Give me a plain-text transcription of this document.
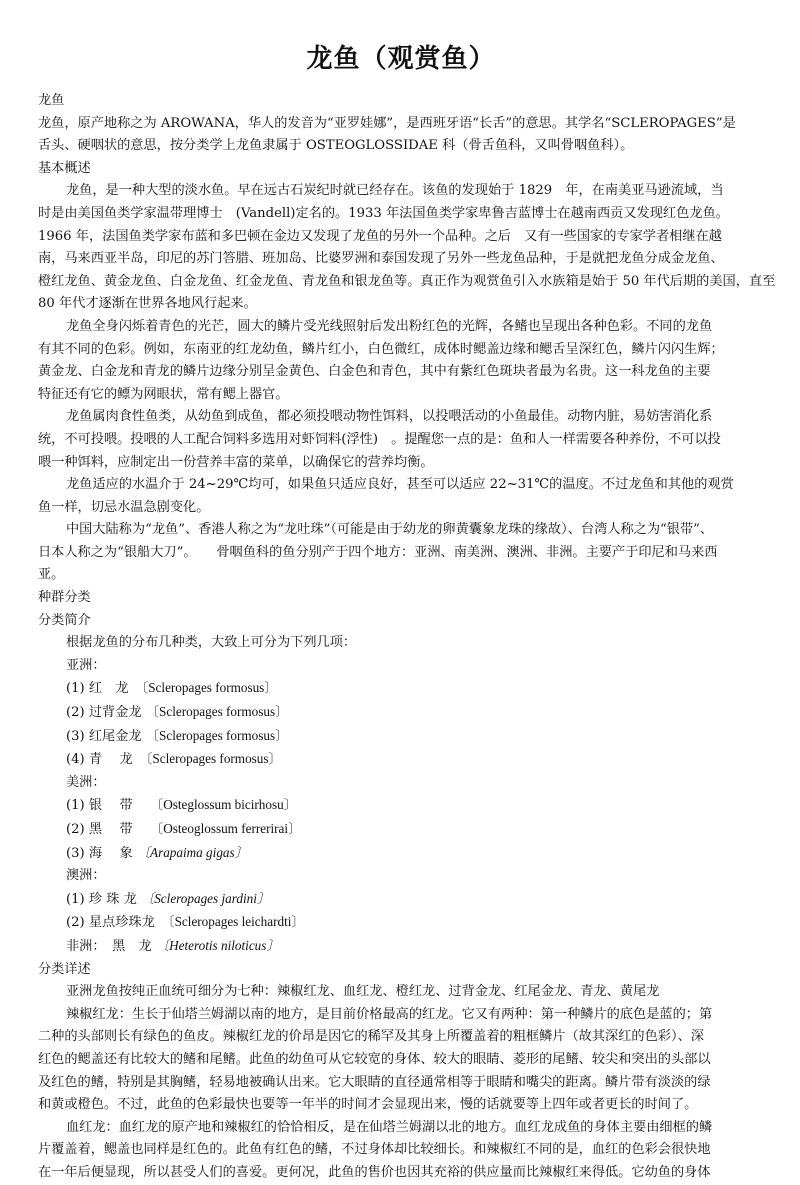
龙鱼（观赏鱼）

龙鱼

龙鱼，原产地称之为 AROWANA，华人的发音为“亚罗娃娜”，是西班牙语“长舌”的意思。其学名“SCLEROPAGES”是

舌头、硬咽状的意思，按分类学上龙鱼隶属于 OSTEOGLOSSIDAE 科（骨舌鱼科，又叫骨咽鱼科）。

基本概述

龙鱼，是一种大型的淡水鱼。早在远古石炭纪时就已经存在。该鱼的发现始于 1829　年，在南美亚马逊流域，当

时是由美国鱼类学家温带理博士　(Vandell)定名的。1933 年法国鱼类学家卑鲁吉蓝博士在越南西贡又发现红色龙鱼。

1966 年，法国鱼类学家布蓝和多巴顿在金边又发现了龙鱼的另外一个品种。之后　又有一些国家的专家学者相继在越

南，马来西亚半岛，印尼的苏门答腊、班加岛、比婆罗洲和泰国发现了另外一些龙鱼品种，于是就把龙鱼分成金龙鱼、

橙红龙鱼、黄金龙鱼、白金龙鱼、红金龙鱼、青龙鱼和银龙鱼等。真正作为观赏鱼引入水族箱是始于 50 年代后期的美国，直至

80 年代才逐渐在世界各地风行起来。

龙鱼全身闪烁着青色的光芒，圆大的鳞片受光线照射后发出粉红色的光辉，各鳍也呈现出各种色彩。不同的龙鱼

有其不同的色彩。例如，东南亚的红龙幼鱼，鳞片红小，白色微红，成体时鳃盖边缘和鳃舌呈深红色，鳞片闪闪生辉；

黄金龙、白金龙和青龙的鳞片边缘分别呈金黄色、白金色和青色，其中有紫红色斑块者最为名贵。这一科龙鱼的主要

特征还有它的鳔为网眼状，常有鳃上器官。

龙鱼属肉食性鱼类，从幼鱼到成鱼，都必须投喂动物性饵料，以投喂活动的小鱼最佳。动物内脏，易妨害消化系

统，不可投喂。投喂的人工配合饲料多选用对虾饲料(浮性)　。提醒您一点的是：鱼和人一样需要各种养份，不可以投

喂一种饵料，应制定出一份营养丰富的菜单，以确保它的营养均衡。

龙鱼适应的水温介于 24~29℃均可，如果鱼只适应良好，甚至可以适应 22~31℃的温度。不过龙鱼和其他的观赏

鱼一样，切忌水温急剧变化。

中国大陆称为“龙鱼”、香港人称之为“龙吐珠”（可能是由于幼龙的卵黄囊象龙珠的缘故）、台湾人称之为“银带”、

日本人称之为“银船大刀”。　　骨咽鱼科的鱼分别产于四个地方：亚洲、南美洲、澳洲、非洲。主要产于印尼和马来西

亚。

种群分类

分类简介

根据龙鱼的分布几种类，大致上可分为下列几项：

亚洲：

(1) 红　龙　〔Scleropages formosus〕

(2) 过背金龙 〔Scleropages formosus〕

(3) 红尾金龙 〔Scleropages formosus〕

(4) 青　 龙　〔Scleropages formosus〕

美洲：

(1) 银　 带　 〔Osteglossum bicirhosu〕

(2) 黑　 带　 〔Osteoglossum ferrerirai〕

(3) 海　 象 〔Arapaima gigas〕

澳洲：

(1) 珍 珠 龙 〔Scleropages jardini〕

(2) 星点珍珠龙　〔Scleropages leichardti〕

非洲：　黑　龙 〔Heterotis niloticus〕

分类详述

亚洲龙鱼按纯正血统可细分为七种：辣椒红龙、血红龙、橙红龙、过背金龙、红尾金龙、青龙、黄尾龙

辣椒红龙：生长于仙塔兰姆湖以南的地方，是目前价格最高的红龙。它又有两种：第一种鳞片的底色是蓝的；第

二种的头部则长有绿色的鱼皮。辣椒红龙的价昂是因它的稀罕及其身上所覆盖着的粗框鳞片（故其深红的色彩）、深

红色的鳃盖还有比较大的鳍和尾鳍。此鱼的幼鱼可从它较宽的身体、较大的眼睛、菱形的尾鳍、较尖和突出的头部以

及红色的鳍，特别是其胸鳍，轻易地被确认出来。它大眼睛的直径通常相等于眼睛和嘴尖的距离。鳞片带有淡淡的绿

和黄或橙色。不过，此鱼的色彩最快也要等一年半的时间才会显现出来，慢的话就要等上四年或者更长的时间了。

血红龙：血红龙的原产地和辣椒红的恰恰相反，是在仙塔兰姆湖以北的地方。血红龙成鱼的身体主要由细框的鳞

片覆盖着，鳃盖也同样是红色的。此鱼有红色的鳍，不过身体却比较细长。和辣椒红不同的是，血红的色彩会很快地

在一年后便显现，所以甚受人们的喜爱。更何况，此鱼的售价也因其充裕的供应量而比辣椒红来得低。它幼鱼的身体
